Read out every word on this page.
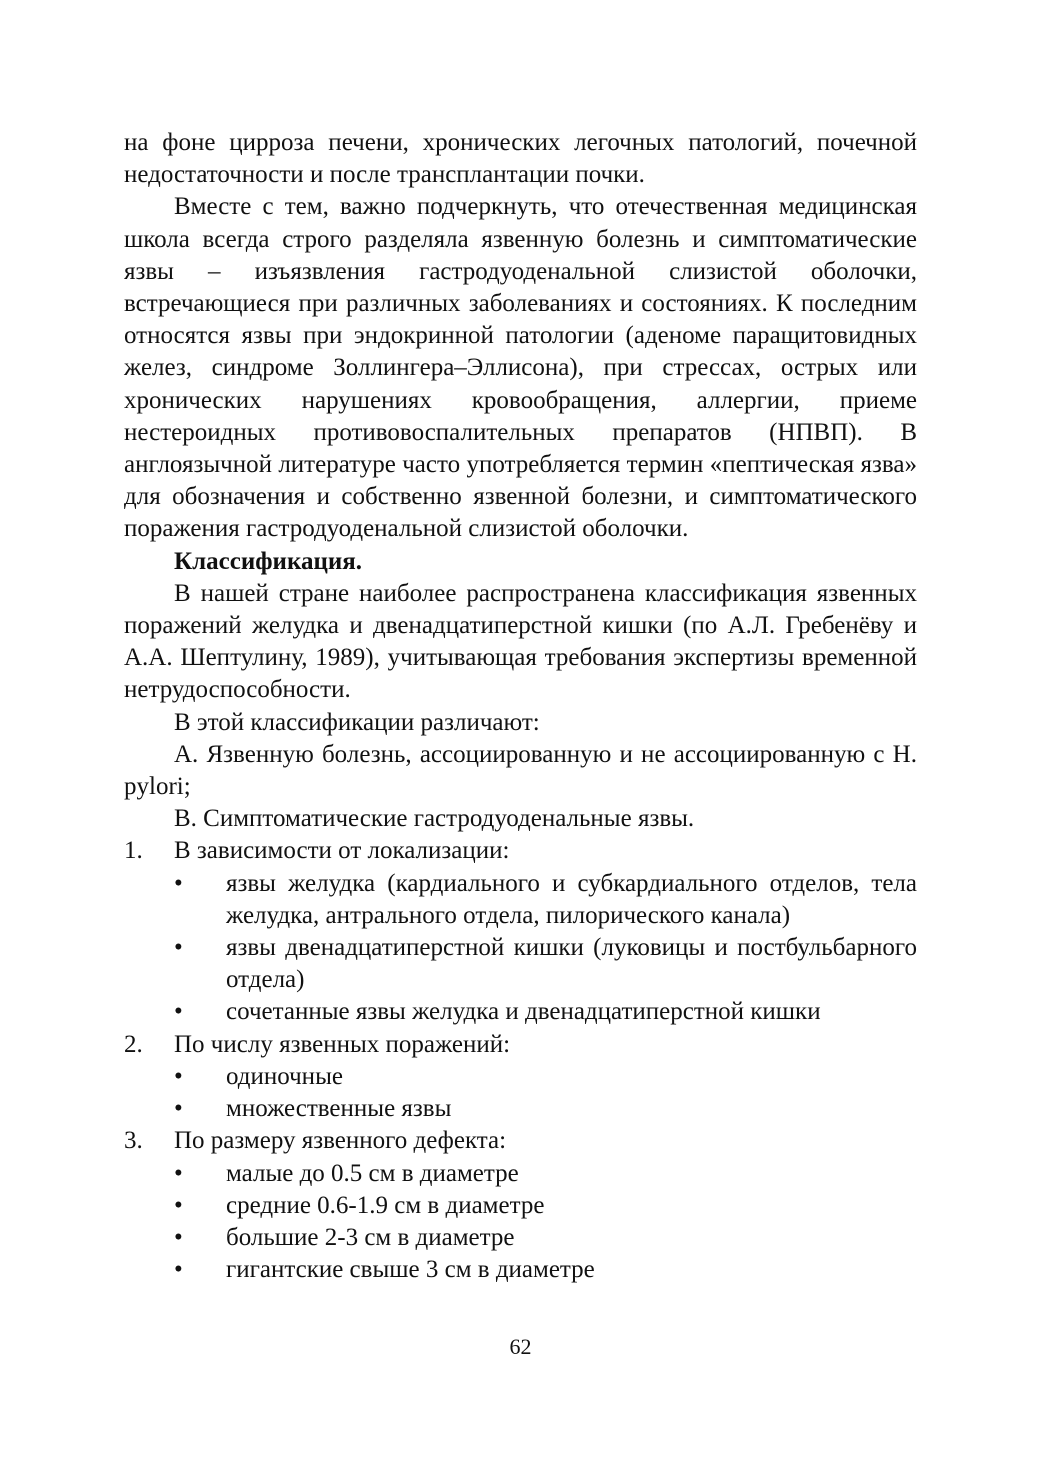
на фоне цирроза печени, хронических легочных патологий, почечной недостаточности и после трансплантации почки.

Вместе с тем, важно подчеркнуть, что отечественная медицинская школа всегда строго разделяла язвенную болезнь и симптоматические язвы – изъязвления гастродуоденальной слизистой оболочки, встречающиеся при различных заболеваниях и состояниях. К последним относятся язвы при эндокринной патологии (аденоме паращитовидных желез, синдроме Золлингера–Эллисона), при стрессах, острых или хронических нарушениях кровообращения, аллергии, приеме нестероидных противовоспалительных препаратов (НПВП). В англоязычной литературе часто употребляется термин «пептическая язва» для обозначения и собственно язвенной болезни, и симптоматического поражения гастродуоденальной слизистой оболочки.

Классификация.

В нашей стране наиболее распространена классификация язвенных поражений желудка и двенадцатиперстной кишки (по А.Л. Гребенёву и А.А. Шептулину, 1989), учитывающая требования экспертизы временной нетрудоспособности.

В этой классификации различают:

А. Язвенную болезнь, ассоциированную и не ассоциированную с H. pylori;

В. Симптоматические гастродуоденальные язвы.

1. В зависимости от локализации:

• язвы желудка (кардиального и субкардиального отделов, тела желудка, антрального отдела, пилорического канала)
• язвы двенадцатиперстной кишки (луковицы и постбульбарного отдела)
• сочетанные язвы желудка и двенадцатиперстной кишки

2. По числу язвенных поражений:

• одиночные
• множественные язвы

3. По размеру язвенного дефекта:

• малые до 0.5 см в диаметре
• средние 0.6-1.9 см в диаметре
• большие 2-3 см в диаметре
• гигантские свыше 3 см в диаметре
62
